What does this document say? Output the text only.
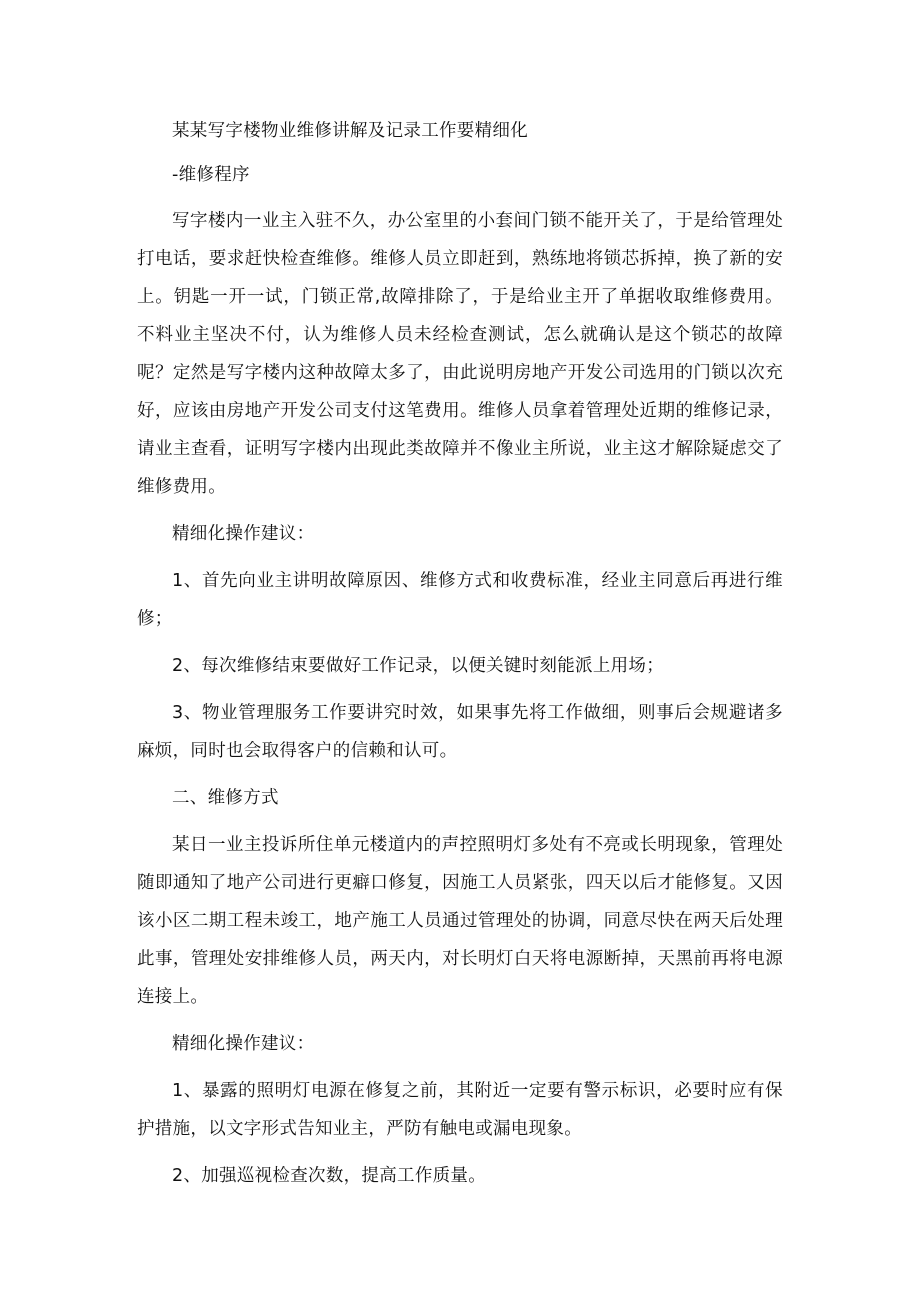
某某写字楼物业维修讲解及记录工作要精细化

-维修程序

写字楼内一业主入驻不久，办公室里的小套间门锁不能开关了，于是给管理处打电话，要求赶快检查维修。维修人员立即赶到，熟练地将锁芯拆掉，换了新的安上。钥匙一开一试，门锁正常,故障排除了，于是给业主开了单据收取维修费用。不料业主坚决不付，认为维修人员未经检查测试，怎么就确认是这个锁芯的故障呢？定然是写字楼内这种故障太多了，由此说明房地产开发公司选用的门锁以次充好，应该由房地产开发公司支付这笔费用。维修人员拿着管理处近期的维修记录，请业主查看，证明写字楼内出现此类故障并不像业主所说，业主这才解除疑虑交了维修费用。

精细化操作建议：

1、首先向业主讲明故障原因、维修方式和收费标准，经业主同意后再进行维修；

2、每次维修结束要做好工作记录，以便关键时刻能派上用场；

3、物业管理服务工作要讲究时效，如果事先将工作做细，则事后会规避诸多麻烦，同时也会取得客户的信赖和认可。

二、维修方式

某日一业主投诉所住单元楼道内的声控照明灯多处有不亮或长明现象，管理处随即通知了地产公司进行更癖口修复，因施工人员紧张，四天以后才能修复。又因该小区二期工程未竣工，地产施工人员通过管理处的协调，同意尽快在两天后处理此事，管理处安排维修人员，两天内，对长明灯白天将电源断掉，天黑前再将电源连接上。

精细化操作建议：

1、暴露的照明灯电源在修复之前，其附近一定要有警示标识，必要时应有保护措施，以文字形式告知业主，严防有触电或漏电现象。

2、加强巡视检查次数，提高工作质量。
